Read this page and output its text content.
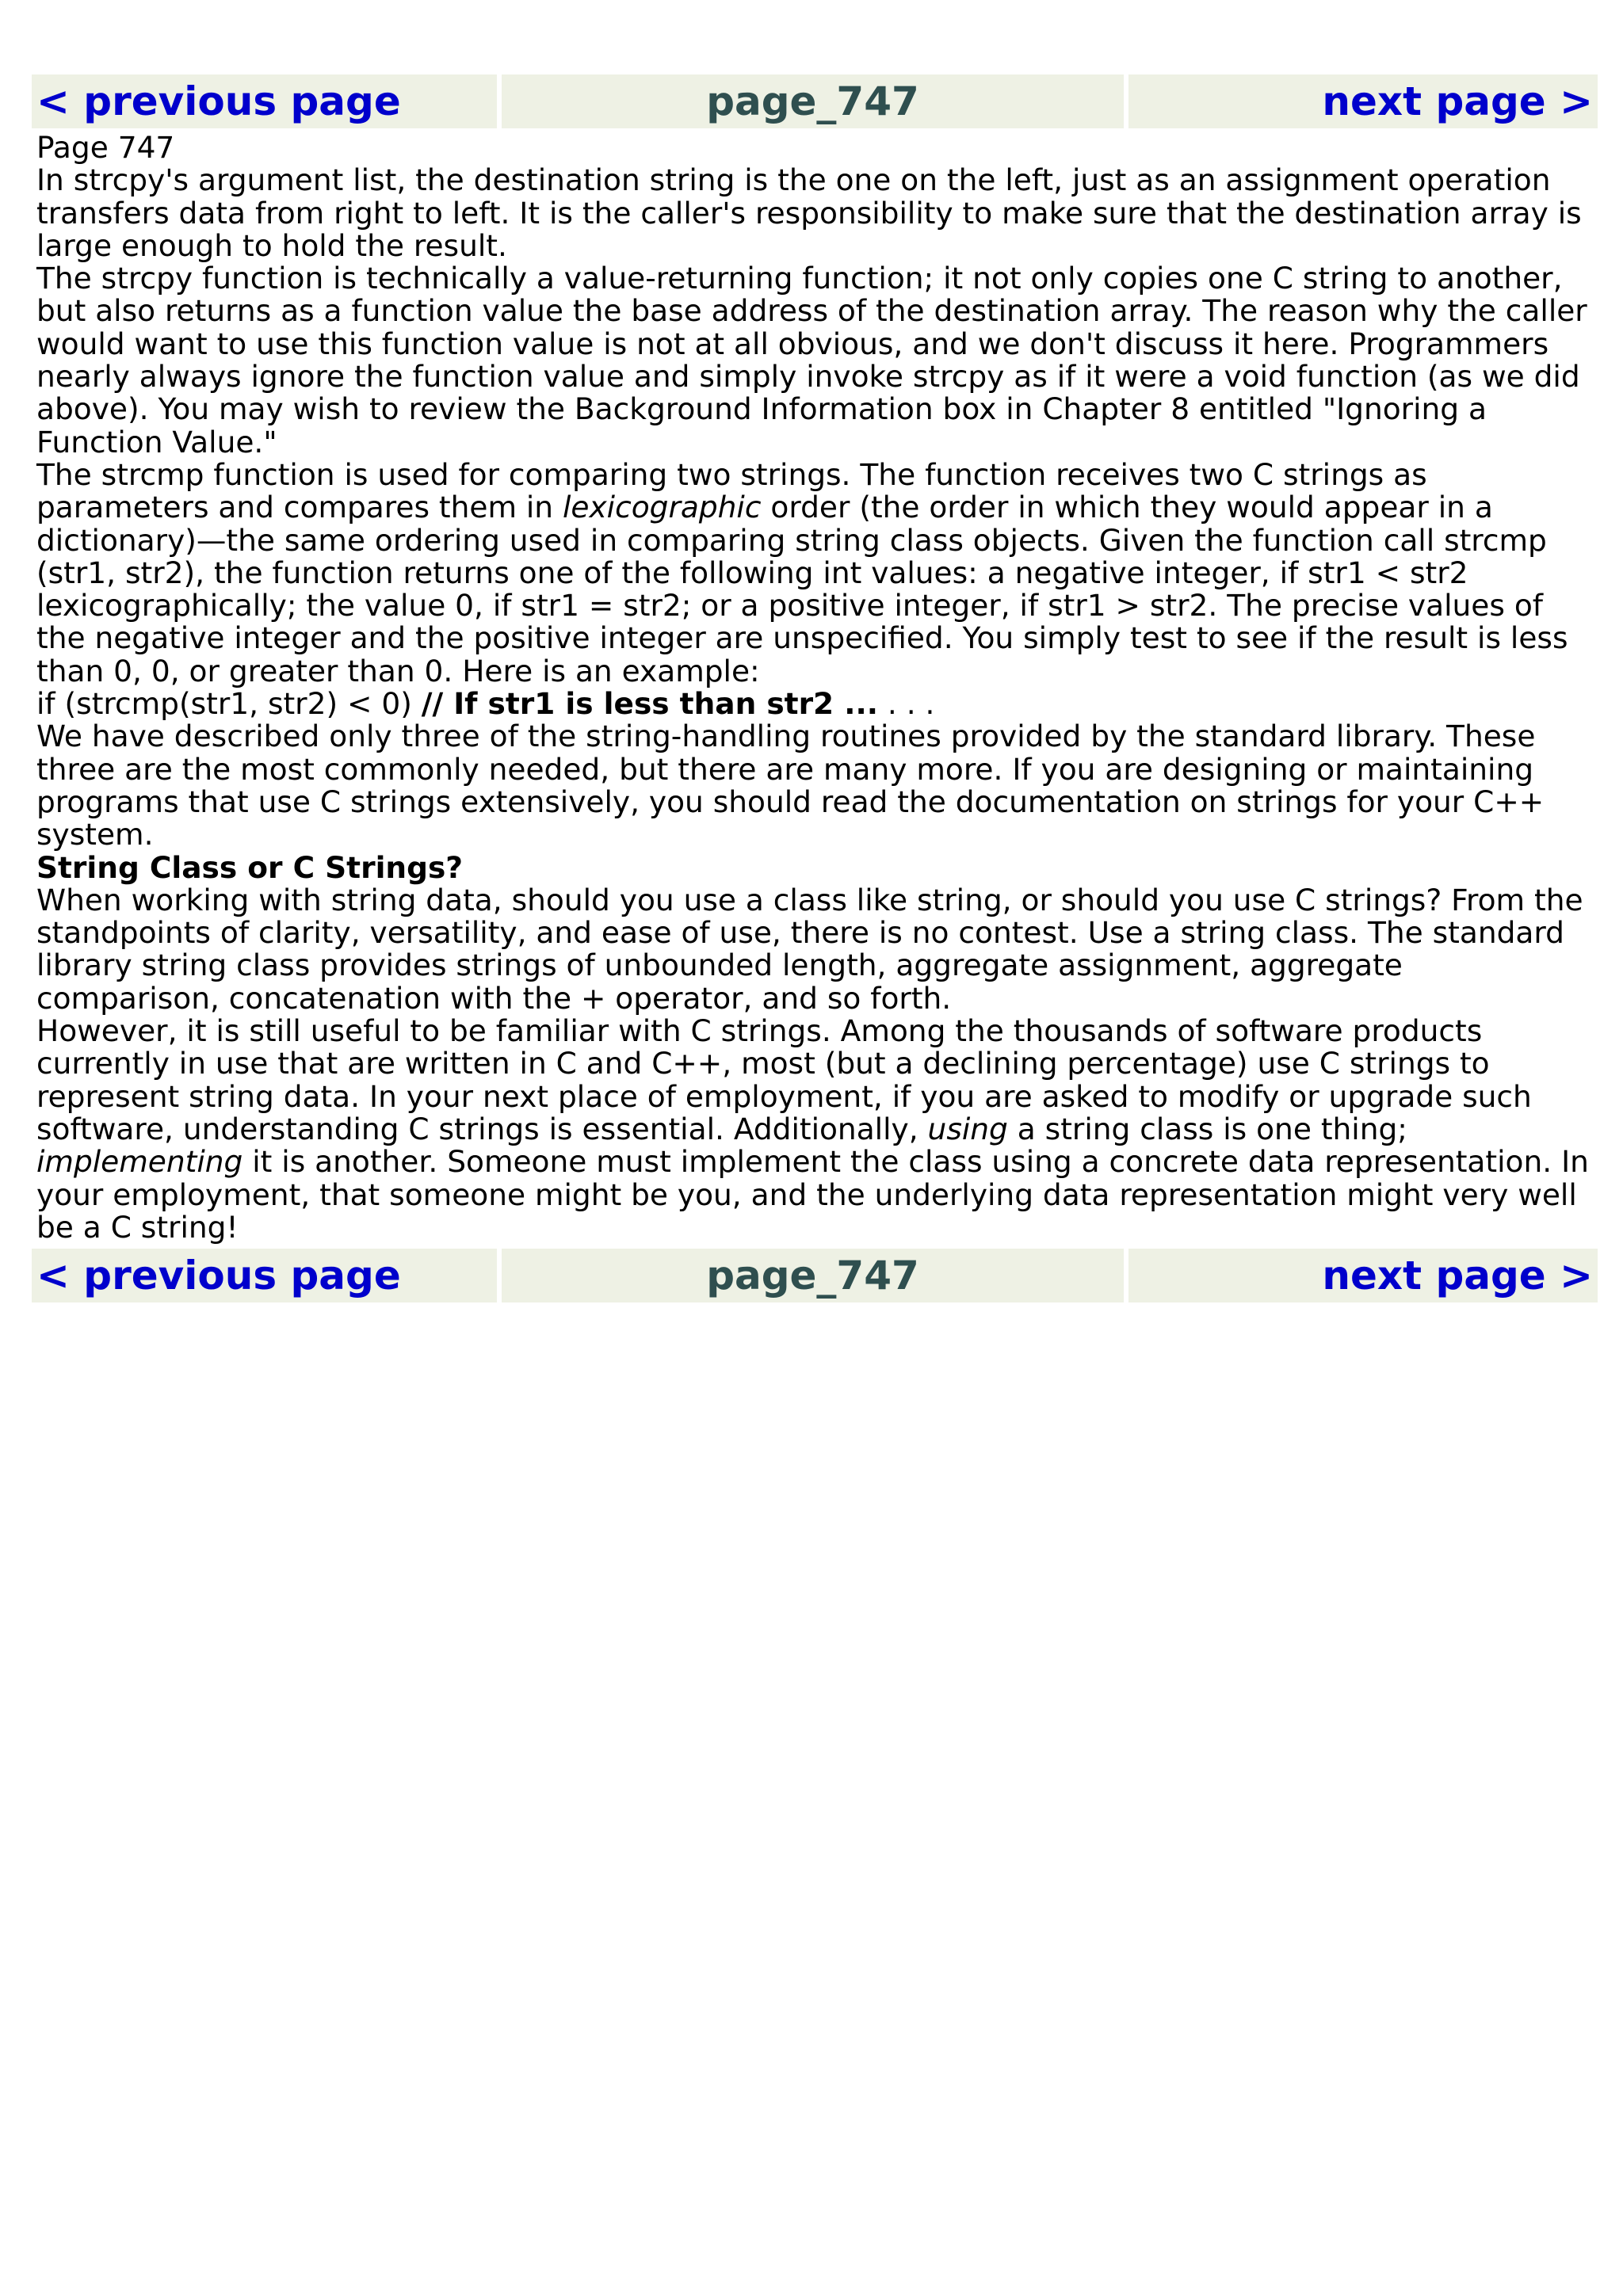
< previous page	page_747	next page >

Page 747

In strcpy's argument list, the destination string is the one on the left, just as an assignment operation transfers data from right to left. It is the caller's responsibility to make sure that the destination array is large enough to hold the result.

The strcpy function is technically a value-returning function; it not only copies one C string to another, but also returns as a function value the base address of the destination array. The reason why the caller would want to use this function value is not at all obvious, and we don't discuss it here. Programmers nearly always ignore the function value and simply invoke strcpy as if it were a void function (as we did above). You may wish to review the Background Information box in Chapter 8 entitled "Ignoring a Function Value."

The strcmp function is used for comparing two strings. The function receives two C strings as parameters and compares them in lexicographic order (the order in which they would appear in a dictionary)—the same ordering used in comparing string class objects. Given the function call strcmp (str1, str2), the function returns one of the following int values: a negative integer, if str1 < str2 lexicographically; the value 0, if str1 = str2; or a positive integer, if str1 > str2. The precise values of the negative integer and the positive integer are unspecified. You simply test to see if the result is less than 0, 0, or greater than 0. Here is an example:

if (strcmp(str1, str2) < 0) // If str1 is less than str2 ... . . .

We have described only three of the string-handling routines provided by the standard library. These three are the most commonly needed, but there are many more. If you are designing or maintaining programs that use C strings extensively, you should read the documentation on strings for your C++ system.

String Class or C Strings?

When working with string data, should you use a class like string, or should you use C strings? From the standpoints of clarity, versatility, and ease of use, there is no contest. Use a string class. The standard library string class provides strings of unbounded length, aggregate assignment, aggregate comparison, concatenation with the + operator, and so forth.

However, it is still useful to be familiar with C strings. Among the thousands of software products currently in use that are written in C and C++, most (but a declining percentage) use C strings to represent string data. In your next place of employment, if you are asked to modify or upgrade such software, understanding C strings is essential. Additionally, using a string class is one thing; implementing it is another. Someone must implement the class using a concrete data representation. In your employment, that someone might be you, and the underlying data representation might very well be a C string!

< previous page	page_747	next page >
